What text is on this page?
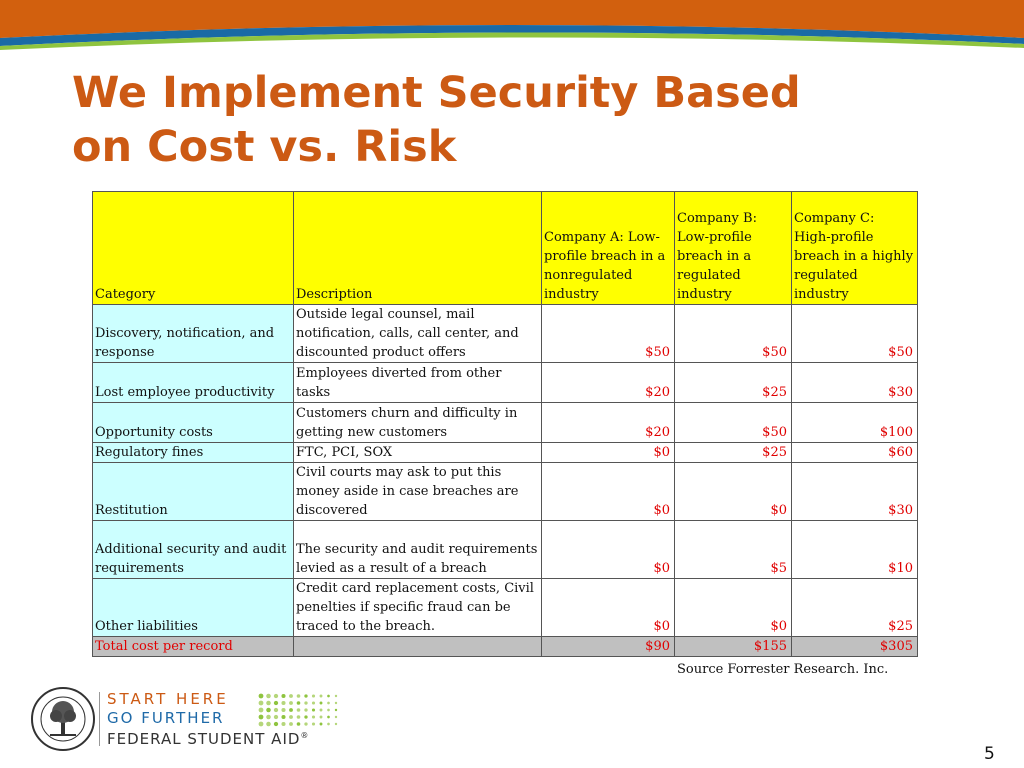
We Implement Security Based
on Cost vs. Risk
Category	Description	Company A: Low-profile breach in a nonregulated industry	Company B: Low-profile breach in a regulated industry	Company C: High-profile breach in a highly regulated industry
Discovery, notification, and response	Outside legal counsel, mail notification, calls, call center, and discounted product offers	$50	$50	$50
Lost employee productivity	Employees diverted from other tasks	$20	$25	$30
Opportunity costs	Customers churn and difficulty in getting new customers	$20	$50	$100
Regulatory fines	FTC, PCI, SOX	$0	$25	$60
Restitution	Civil courts may ask to put this money aside in case breaches are discovered	$0	$0	$30
Additional security and audit requirements	The security and audit requirements levied as a result of a breach	$0	$5	$10
Other liabilities	Credit card replacement costs, Civil penelties if specific fraud can be traced to the breach.	$0	$0	$25
Total cost per record		$90	$155	$305
Source Forrester Research. Inc.
START HERE
GO FURTHER
FEDERAL STUDENT AID®
5
